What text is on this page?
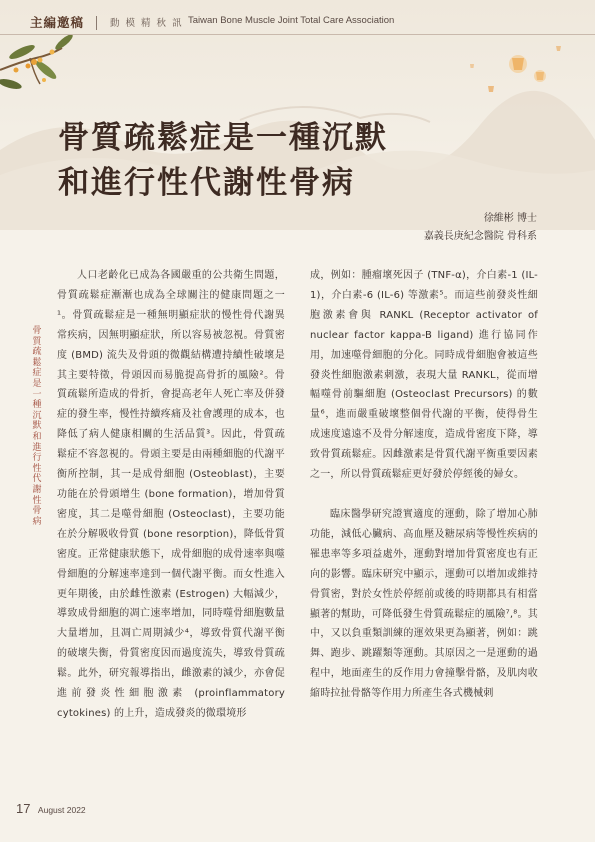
主編邀稿	動 模 精 秋 訊 Taiwan Bone Muscle Joint Total Care Association
骨質疏鬆症是一種沉默
和進行性代謝性骨病
徐維彬 博士
嘉義長庚紀念醫院 骨科系
骨質疏鬆症是一種沉默和進行性代謝性骨病

人口老齡化已成為各國嚴重的公共衛生問題，骨質疏鬆症漸漸也成為全球關注的健康問題之一¹。骨質疏鬆症是一種無明顯症狀的慢性骨代謝異常疾病，因無明顯症狀，所以容易被忽視。骨質密度 (BMD) 流失及骨頭的微觀結構遭持續性破壞是其主要特徵，骨頭因而易脆提高骨折的風險²。骨質疏鬆所造成的骨折，會提高老年人死亡率及併發症的發生率，慢性持續疼痛及社會護理的成本，也降低了病人健康相關的生活品質³。因此，骨質疏鬆症不容忽視的。骨頭主要是由兩種細胞的代謝平衡所控制，其一是成骨細胞 (Osteoblast)，主要功能在於骨頭增生 (bone formation)，增加骨質密度，其二是噬骨細胞 (Osteoclast)，主要功能在於分解吸收骨質 (bone resorption)，降低骨質密度。正常健康狀態下，成骨細胞的成骨速率與噬骨細胞的分解速率達到一個代謝平衡。而女性進入更年期後，由於雌性激素 (Estrogen) 大幅減少，導致成骨細胞的凋亡速率增加，同時噬骨細胞數量大量增加，且凋亡周期減少⁴，導致骨質代謝平衡的破壞失衡，骨質密度因而過度流失，導致骨質疏鬆。此外，研究報導指出，雌激素的減少，亦會促進前發炎性細胞激素 (proinflammatory cytokines) 的上升，造成發炎的微環境形

成，例如：腫瘤壞死因子 (TNF-α)，介白素-1 (IL-1)，介白素-6 (IL-6) 等激素⁵。而這些前發炎性細胞激素會與 RANKL (Receptor activator of nuclear factor kappa-B ligand) 進行協同作用，加速噬骨細胞的分化。同時成骨細胞會被這些發炎性細胞激素刺激，表現大量 RANKL，從而增幅噬骨前驅細胞 (Osteoclast Precursors) 的數量⁶，進而嚴重破壞整個骨代謝的平衡，使得骨生成速度遠遠不及骨分解速度，造成骨密度下降，導致骨質疏鬆症。因雌激素是骨質代謝平衡重要因素之一，所以骨質疏鬆症更好發於停經後的婦女。

臨床醫學研究證實適度的運動，除了增加心肺功能，減低心臟病、高血壓及糖尿病等慢性疾病的罹患率等多項益處外，運動對增加骨質密度也有正向的影響。臨床研究中顯示，運動可以增加或維持骨質密，對於女性於停經前或後的時期都具有相當顯著的幫助，可降低發生骨質疏鬆症的風險⁷,⁸。其中，又以負重類訓練的運效果更為顯著，例如：跳舞、跑步、跳躍類等運動。其原因之一是運動的過程中，地面產生的反作用力會撞擊骨骼，及肌肉收縮時拉扯骨骼等作用力所產生各式機械刺

17 August 2022
